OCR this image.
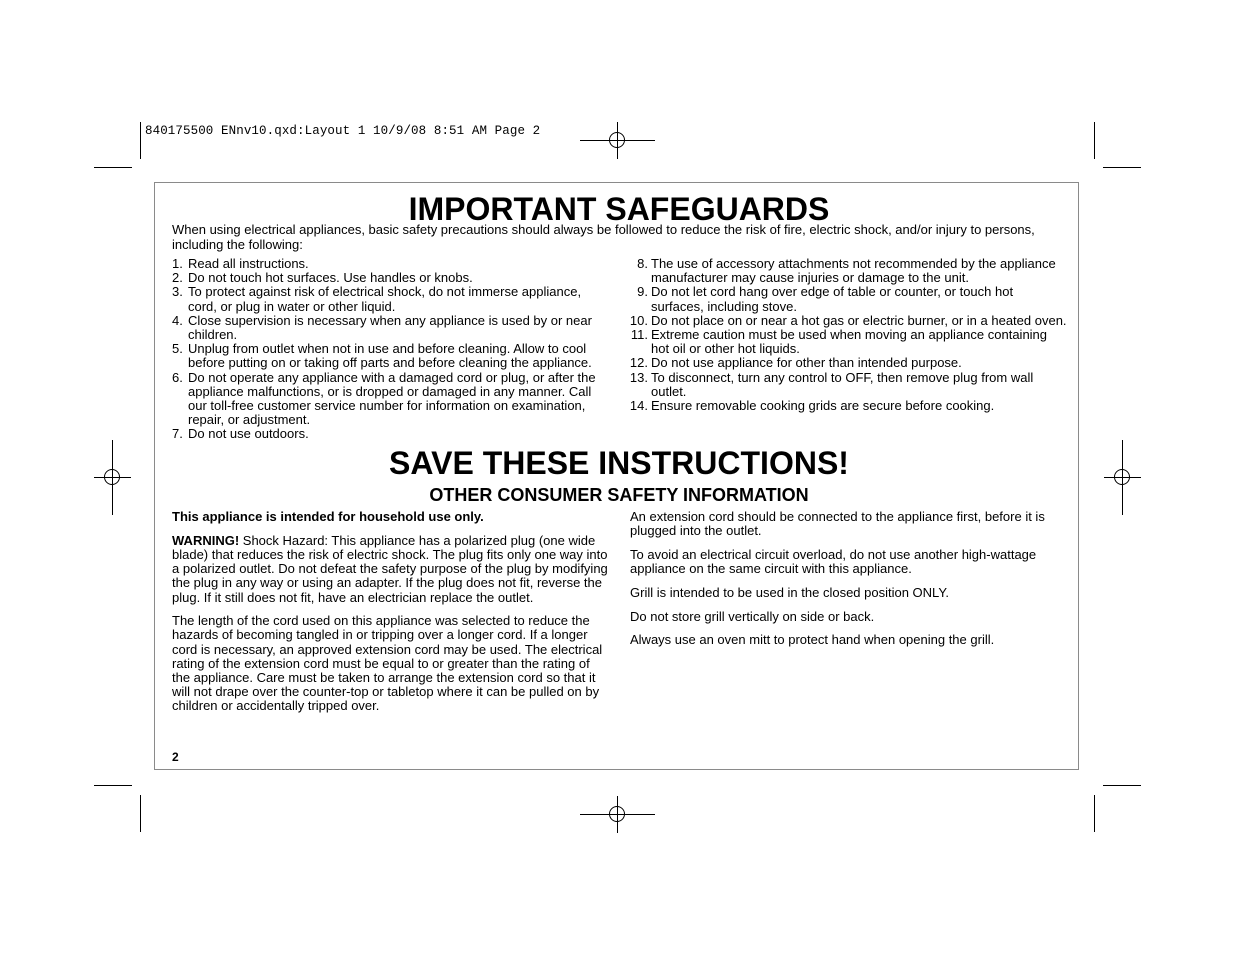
840175500 ENnv10.qxd:Layout 1 10/9/08 8:51 AM Page 2
IMPORTANT SAFEGUARDS

When using electrical appliances, basic safety precautions should always be followed to reduce the risk of fire, electric shock, and/or injury to persons, including the following:

1. Read all instructions.
2. Do not touch hot surfaces. Use handles or knobs.
3. To protect against risk of electrical shock, do not immerse appliance, cord, or plug in water or other liquid.
4. Close supervision is necessary when any appliance is used by or near children.
5. Unplug from outlet when not in use and before cleaning. Allow to cool before putting on or taking off parts and before cleaning the appliance.
6. Do not operate any appliance with a damaged cord or plug, or after the appliance malfunctions, or is dropped or damaged in any manner. Call our toll-free customer service number for information on examination, repair, or adjustment.
7. Do not use outdoors.
8. The use of accessory attachments not recommended by the appliance manufacturer may cause injuries or damage to the unit.
9. Do not let cord hang over edge of table or counter, or touch hot surfaces, including stove.
10. Do not place on or near a hot gas or electric burner, or in a heated oven.
11. Extreme caution must be used when moving an appliance containing hot oil or other hot liquids.
12. Do not use appliance for other than intended purpose.
13. To disconnect, turn any control to OFF, then remove plug from wall outlet.
14. Ensure removable cooking grids are secure before cooking.
SAVE THESE INSTRUCTIONS!
OTHER CONSUMER SAFETY INFORMATION

This appliance is intended for household use only.

WARNING! Shock Hazard: This appliance has a polarized plug (one wide blade) that reduces the risk of electric shock. The plug fits only one way into a polarized outlet. Do not defeat the safety purpose of the plug by modifying the plug in any way or using an adapter. If the plug does not fit, reverse the plug. If it still does not fit, have an electrician replace the outlet.

The length of the cord used on this appliance was selected to reduce the hazards of becoming tangled in or tripping over a longer cord. If a longer cord is necessary, an approved extension cord may be used. The electrical rating of the extension cord must be equal to or greater than the rating of the appliance. Care must be taken to arrange the extension cord so that it will not drape over the counter-top or tabletop where it can be pulled on by children or accidentally tripped over.

An extension cord should be connected to the appliance first, before it is plugged into the outlet.

To avoid an electrical circuit overload, do not use another high-wattage appliance on the same circuit with this appliance.

Grill is intended to be used in the closed position ONLY.

Do not store grill vertically on side or back.

Always use an oven mitt to protect hand when opening the grill.

2
